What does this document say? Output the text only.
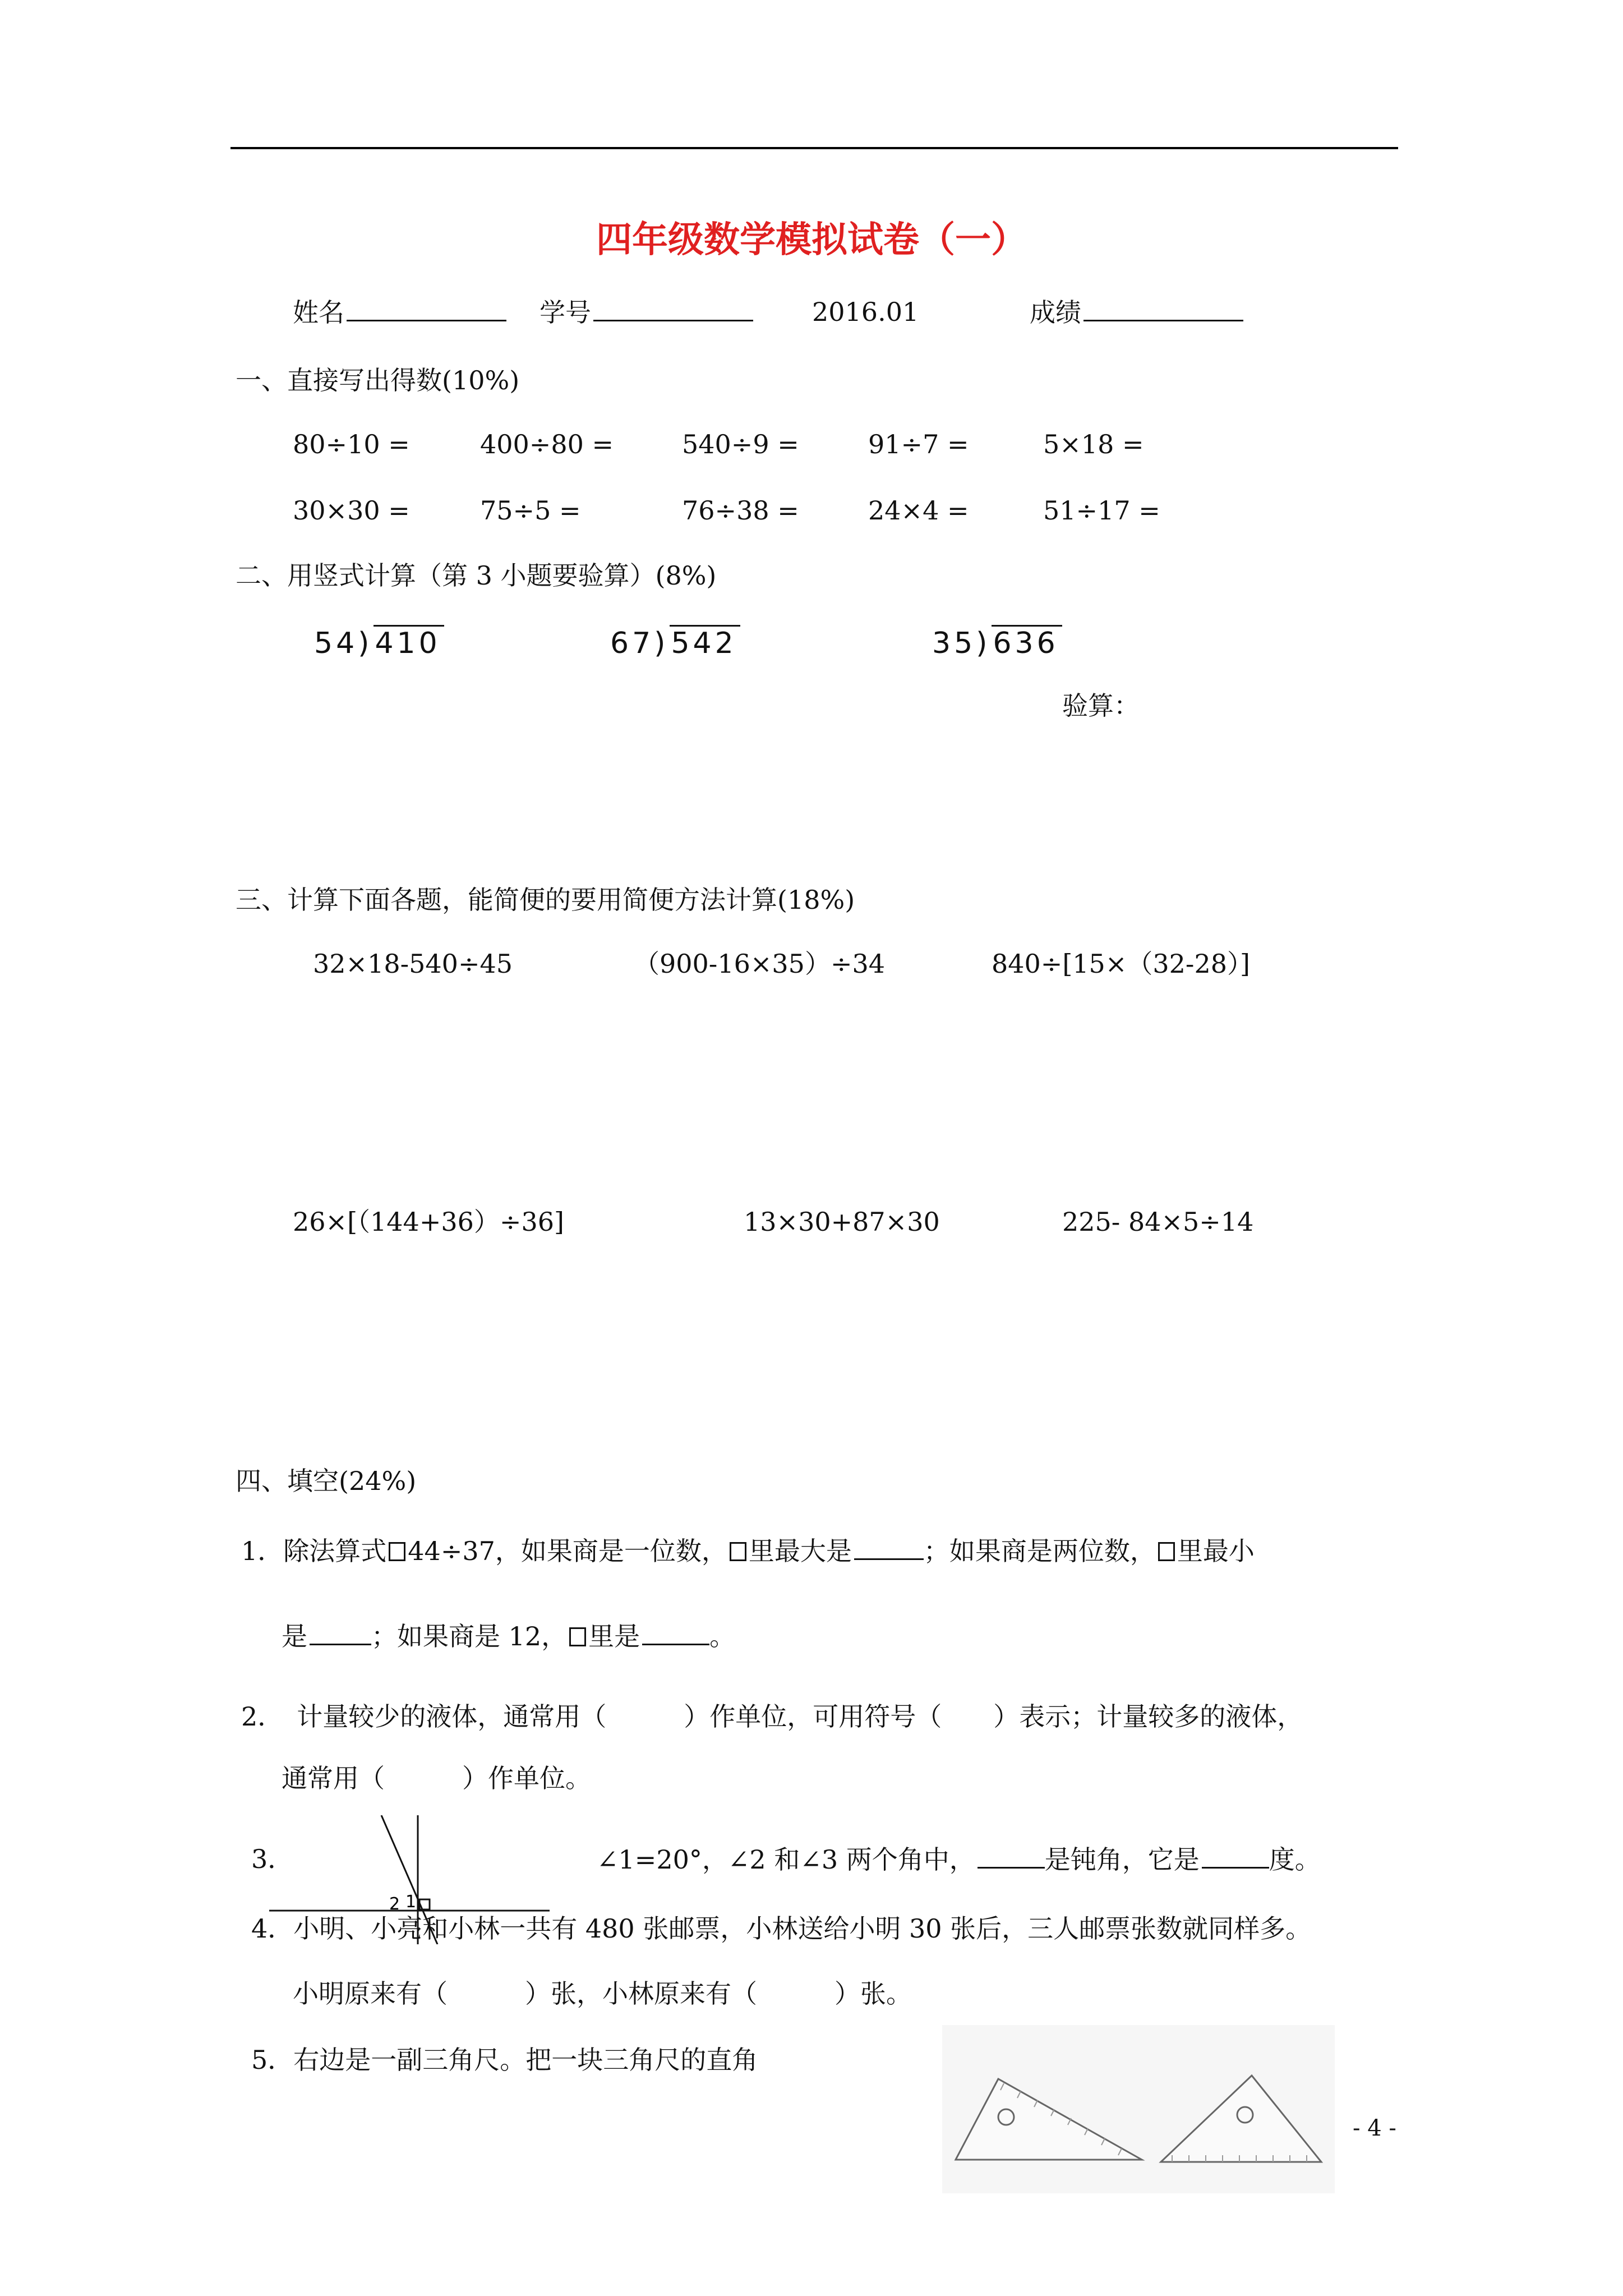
四年级数学模拟试卷（一）
姓名	学号	2016.01	成绩
一、直接写出得数(10%)
80÷10 =	400÷80 =	540÷9 =	91÷7 =	5×18 =
30×30 =	75÷5 =	76÷38 =	24×4 =	51÷17 =
二、用竖式计算（第 3 小题要验算）(8%)
54)410	67)542	35)636
验算：
三、计算下面各题，能简便的要用简便方法计算(18%)
32×18-540÷45	（900-16×35）÷34	840÷[15×（32-28）]
26×[（144+36）÷36]	13×30+87×30	225- 84×5÷14
四、填空(24%)
1．除法算式 44÷37，如果商是一位数， 里最大是	；如果商是两位数， 里最小
是 ；如果商是 12， 里是	。
2． 计量较少的液体，通常用（　　　）作单位，可用符号（　　）表示；计量较多的液体，
通常用（　　　）作单位。
3．
1
2
∠1=20°，∠2 和∠3 两个角中，	是钝角，它是	度。
4．小明、小亮和小林一共有 480 张邮票，小林送给小明 30 张后，三人邮票张数就同样多。
小明原来有（　　　）张，小林原来有（　　　）张。
5．右边是一副三角尺。把一块三角尺的直角
- 4 -
